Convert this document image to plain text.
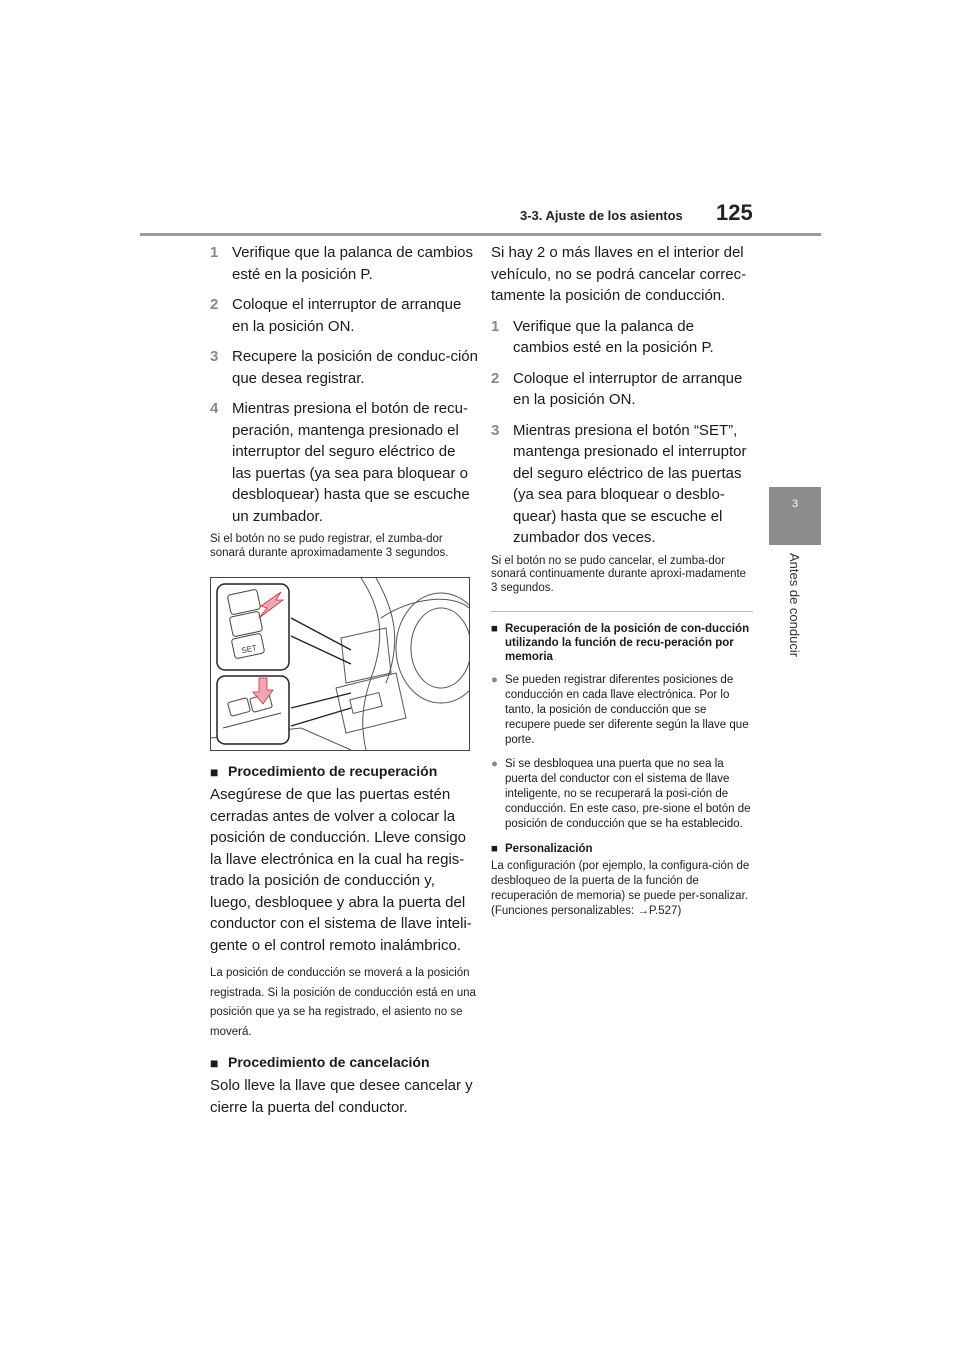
3-3. Ajuste de los asientos 125
3
Antes de conducir
1 Verifique que la palanca de cambios esté en la posición P.
2 Coloque el interruptor de arranque en la posición ON.
3 Recupere la posición de conduc-ción que desea registrar.
4 Mientras presiona el botón de recu-peración, mantenga presionado el interruptor del seguro eléctrico de las puertas (ya sea para bloquear o desbloquear) hasta que se escuche un zumbador.
Si el botón no se pudo registrar, el zumba-dor sonará durante aproximadamente 3 segundos.
SET
■ Procedimiento de recuperación

Asegúrese de que las puertas estén cerradas antes de volver a colocar la posición de conducción. Lleve consigo la llave electrónica en la cual ha regis-trado la posición de conducción y, luego, desbloquee y abra la puerta del conductor con el sistema de llave inteli-gente o el control remoto inalámbrico.

La posición de conducción se moverá a la posición registrada. Si la posición de conducción está en una posición que ya se ha registrado, el asiento no se moverá.
■ Procedimiento de cancelación

Solo lleve la llave que desee cancelar y cierre la puerta del conductor.

Si hay 2 o más llaves en el interior del vehículo, no se podrá cancelar correc-tamente la posición de conducción.

1 Verifique que la palanca de cambios esté en la posición P.
2 Coloque el interruptor de arranque en la posición ON.
3 Mientras presiona el botón “SET”, mantenga presionado el interruptor del seguro eléctrico de las puertas (ya sea para bloquear o desblo-quear) hasta que se escuche el zumbador dos veces.
Si el botón no se pudo cancelar, el zumba-dor sonará continuamente durante aproxi-madamente 3 segundos.
■ Recuperación de la posición de con-ducción utilizando la función de recu-peración por memoria
● Se pueden registrar diferentes posiciones de conducción en cada llave electrónica. Por lo tanto, la posición de conducción que se recupere puede ser diferente según la llave que porte.
● Si se desbloquea una puerta que no sea la puerta del conductor con el sistema de llave inteligente, no se recuperará la posi-ción de conducción. En este caso, pre-sione el botón de posición de conducción que se ha establecido.
■ Personalización
La configuración (por ejemplo, la configura-ción de desbloqueo de la puerta de la función de recuperación de memoria) se puede per-sonalizar. (Funciones personalizables: →P.527)
